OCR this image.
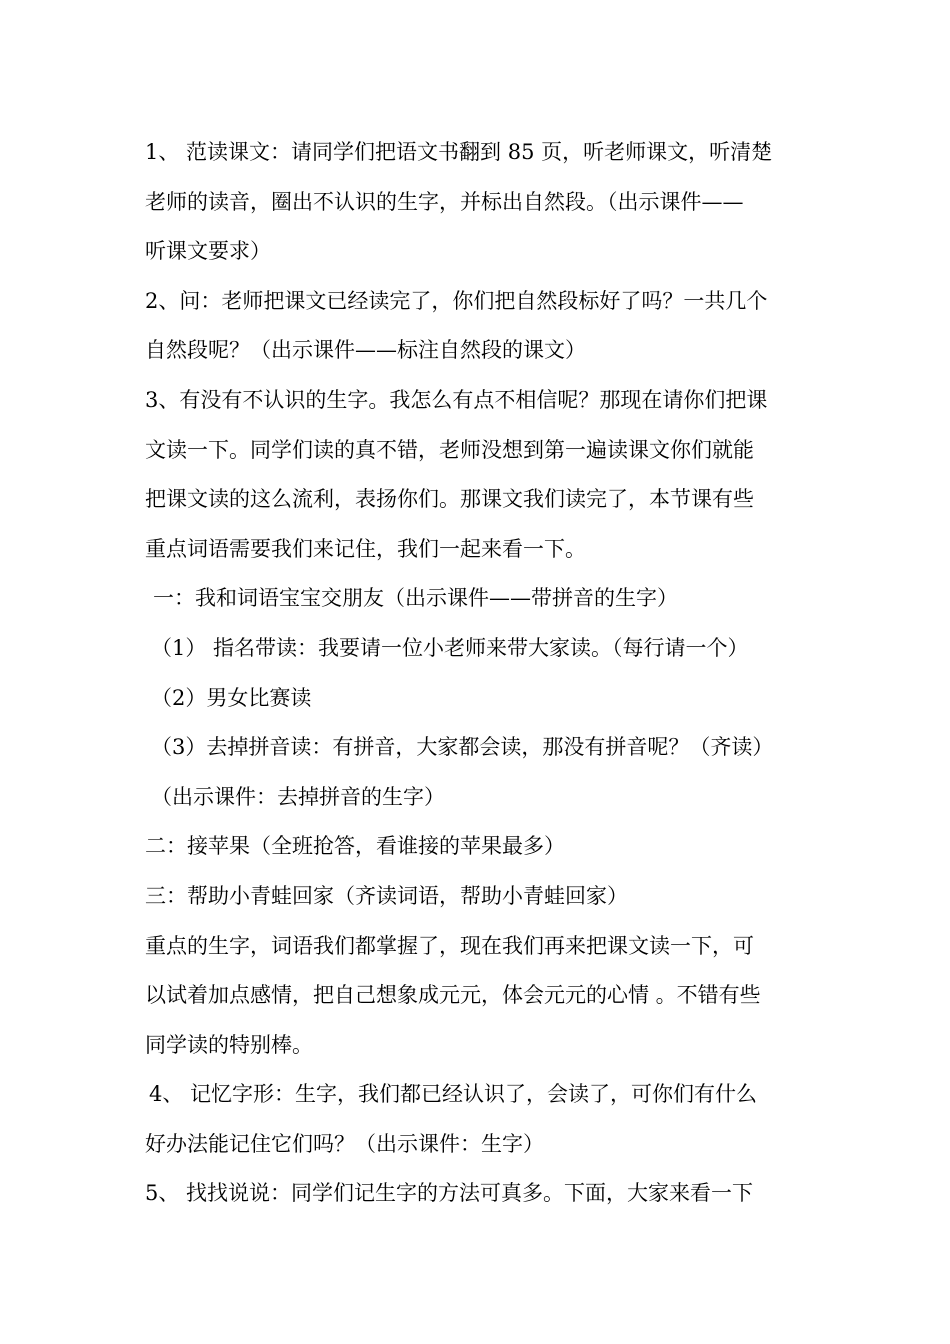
1、 范读课文：请同学们把语文书翻到 85 页，听老师课文，听清楚
老师的读音，圈出不认识的生字，并标出自然段。（出示课件——
听课文要求）
2、问：老师把课文已经读完了，你们把自然段标好了吗？一共几个
自然段呢？（出示课件——标注自然段的课文）
3、有没有不认识的生字。我怎么有点不相信呢？那现在请你们把课
文读一下。同学们读的真不错，老师没想到第一遍读课文你们就能
把课文读的这么流利，表扬你们。那课文我们读完了，本节课有些
重点词语需要我们来记住，我们一起来看一下。
一：我和词语宝宝交朋友（出示课件——带拼音的生字）
（1） 指名带读：我要请一位小老师来带大家读。（每行请一个）
（2）男女比赛读
（3）去掉拼音读：有拼音，大家都会读，那没有拼音呢？（齐读）
（出示课件：去掉拼音的生字）
二：接苹果（全班抢答，看谁接的苹果最多）
三：帮助小青蛙回家（齐读词语，帮助小青蛙回家）
重点的生字，词语我们都掌握了，现在我们再来把课文读一下，可
以试着加点感情，把自己想象成元元，体会元元的心情 。不错有些
同学读的特别棒。
4、 记忆字形：生字，我们都已经认识了，会读了，可你们有什么
好办法能记住它们吗？（出示课件：生字）
5、 找找说说：同学们记生字的方法可真多。下面，大家来看一下
